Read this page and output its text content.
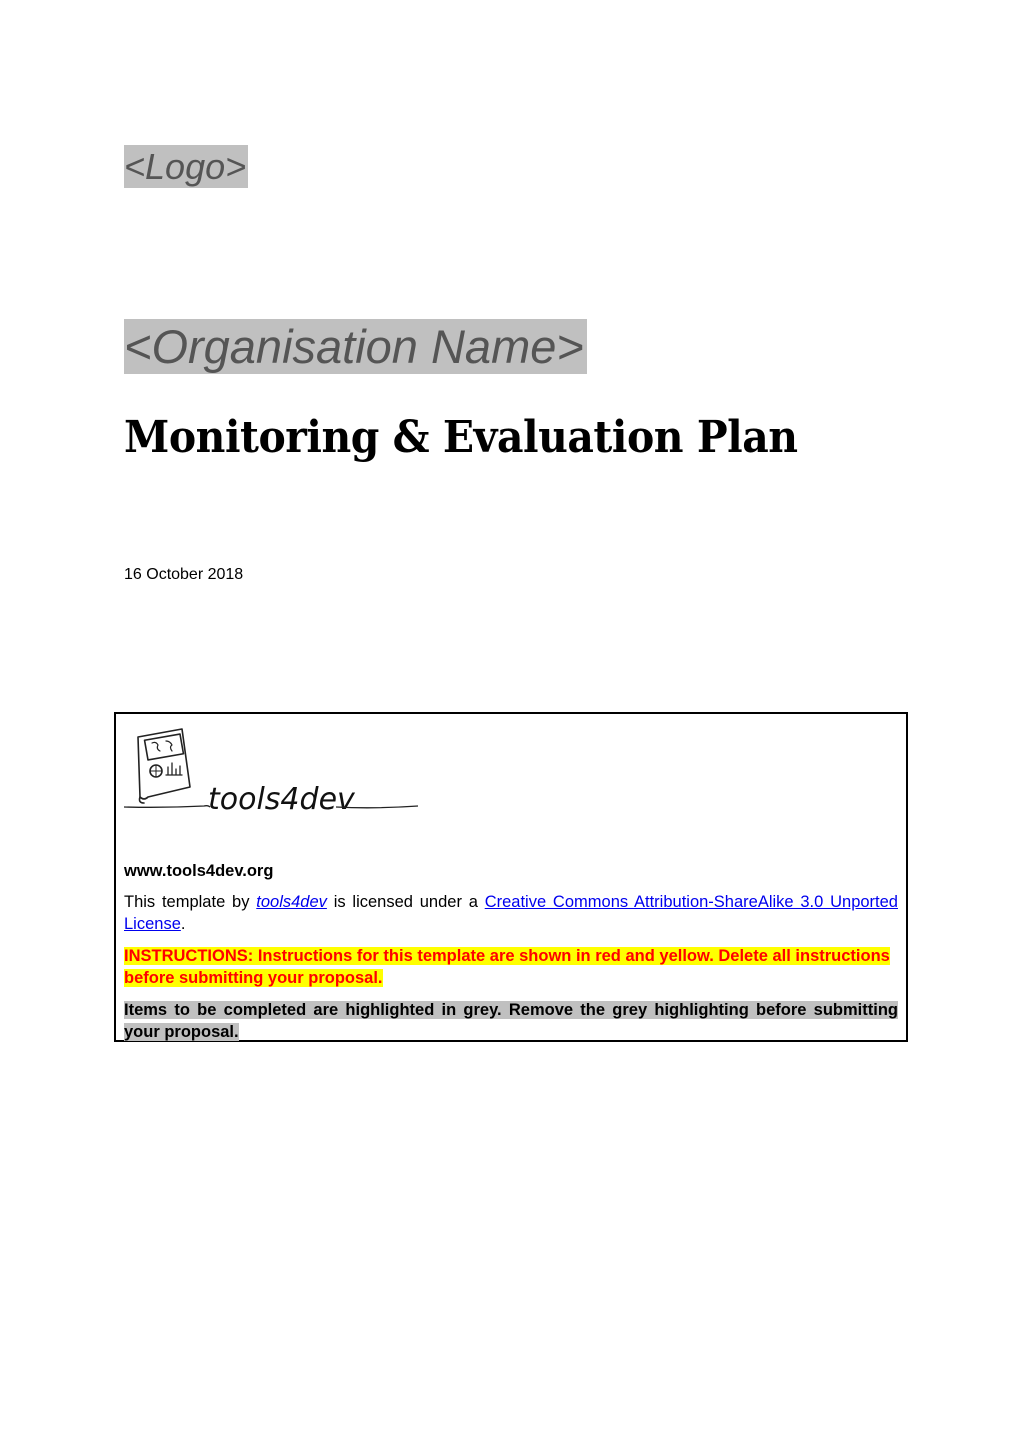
<Logo>
<Organisation Name>
Monitoring & Evaluation Plan
16 October 2018
tools4dev
www.tools4dev.org
This template by tools4dev is licensed under a Creative Commons Attribution-ShareAlike 3.0 Unported License.
INSTRUCTIONS: Instructions for this template are shown in red and yellow. Delete all instructions before submitting your proposal.
Items to be completed are highlighted in grey. Remove the grey highlighting before submitting your proposal.
